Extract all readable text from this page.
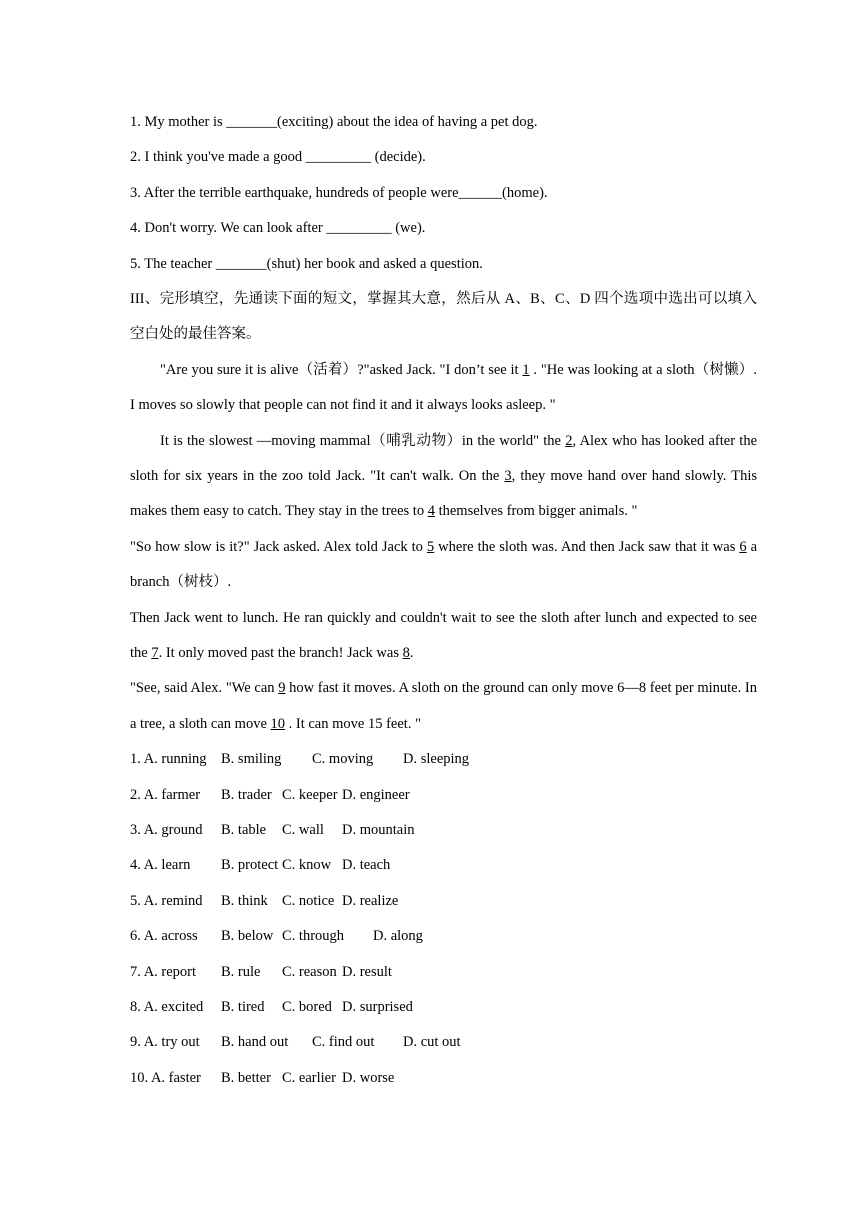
1. My mother is _______(exciting) about the idea of having a pet dog.
2. I think you've made a good _________ (decide).
3. After the terrible earthquake, hundreds of people were______(home).
4. Don't worry. We can look after _________ (we).
5. The teacher _______(shut) her book and asked a question.
III、完形填空，先通读下面的短文，掌握其大意，然后从 A、B、C、D 四个选项中选出可以填入空白处的最佳答案。
"Are you sure it is alive（活着）?"asked Jack. "I don’t see it 1 . "He was looking at a sloth（树懒）. I moves so slowly that people can not find it and it always looks asleep. "
It is the slowest —moving mammal（哺乳动物）in the world" the 2, Alex who has looked after the sloth for six years in the zoo told Jack. "It can't walk. On the 3, they move hand over hand slowly. This makes them easy to catch. They stay in the trees to 4 themselves from bigger animals. "
"So how slow is it?" Jack asked. Alex told Jack to 5 where the sloth was. And then Jack saw that it was 6 a branch（树枝）.
Then Jack went to lunch. He ran quickly and couldn't wait to see the sloth after lunch and expected to see the 7. It only moved past the branch! Jack was 8.
"See, said Alex. "We can 9 how fast it moves. A sloth on the ground can only move 6—8 feet per minute. In a tree, a sloth can move 10 . It can move 15 feet. "
1. A. running B. smiling C. moving D. sleeping
2. A. farmer B. trader C. keeper D. engineer
3. A. ground B. table C. wall D. mountain
4. A. learn B. protect C. know D. teach
5. A. remind B. think C. notice D. realize
6. A. across B. below C. through D. along
7. A. report B. rule C. reason D. result
8. A. excited B. tired C. bored D. surprised
9. A. try out B. hand out C. find out D. cut out
10. A. faster B. better C. earlier D. worse
